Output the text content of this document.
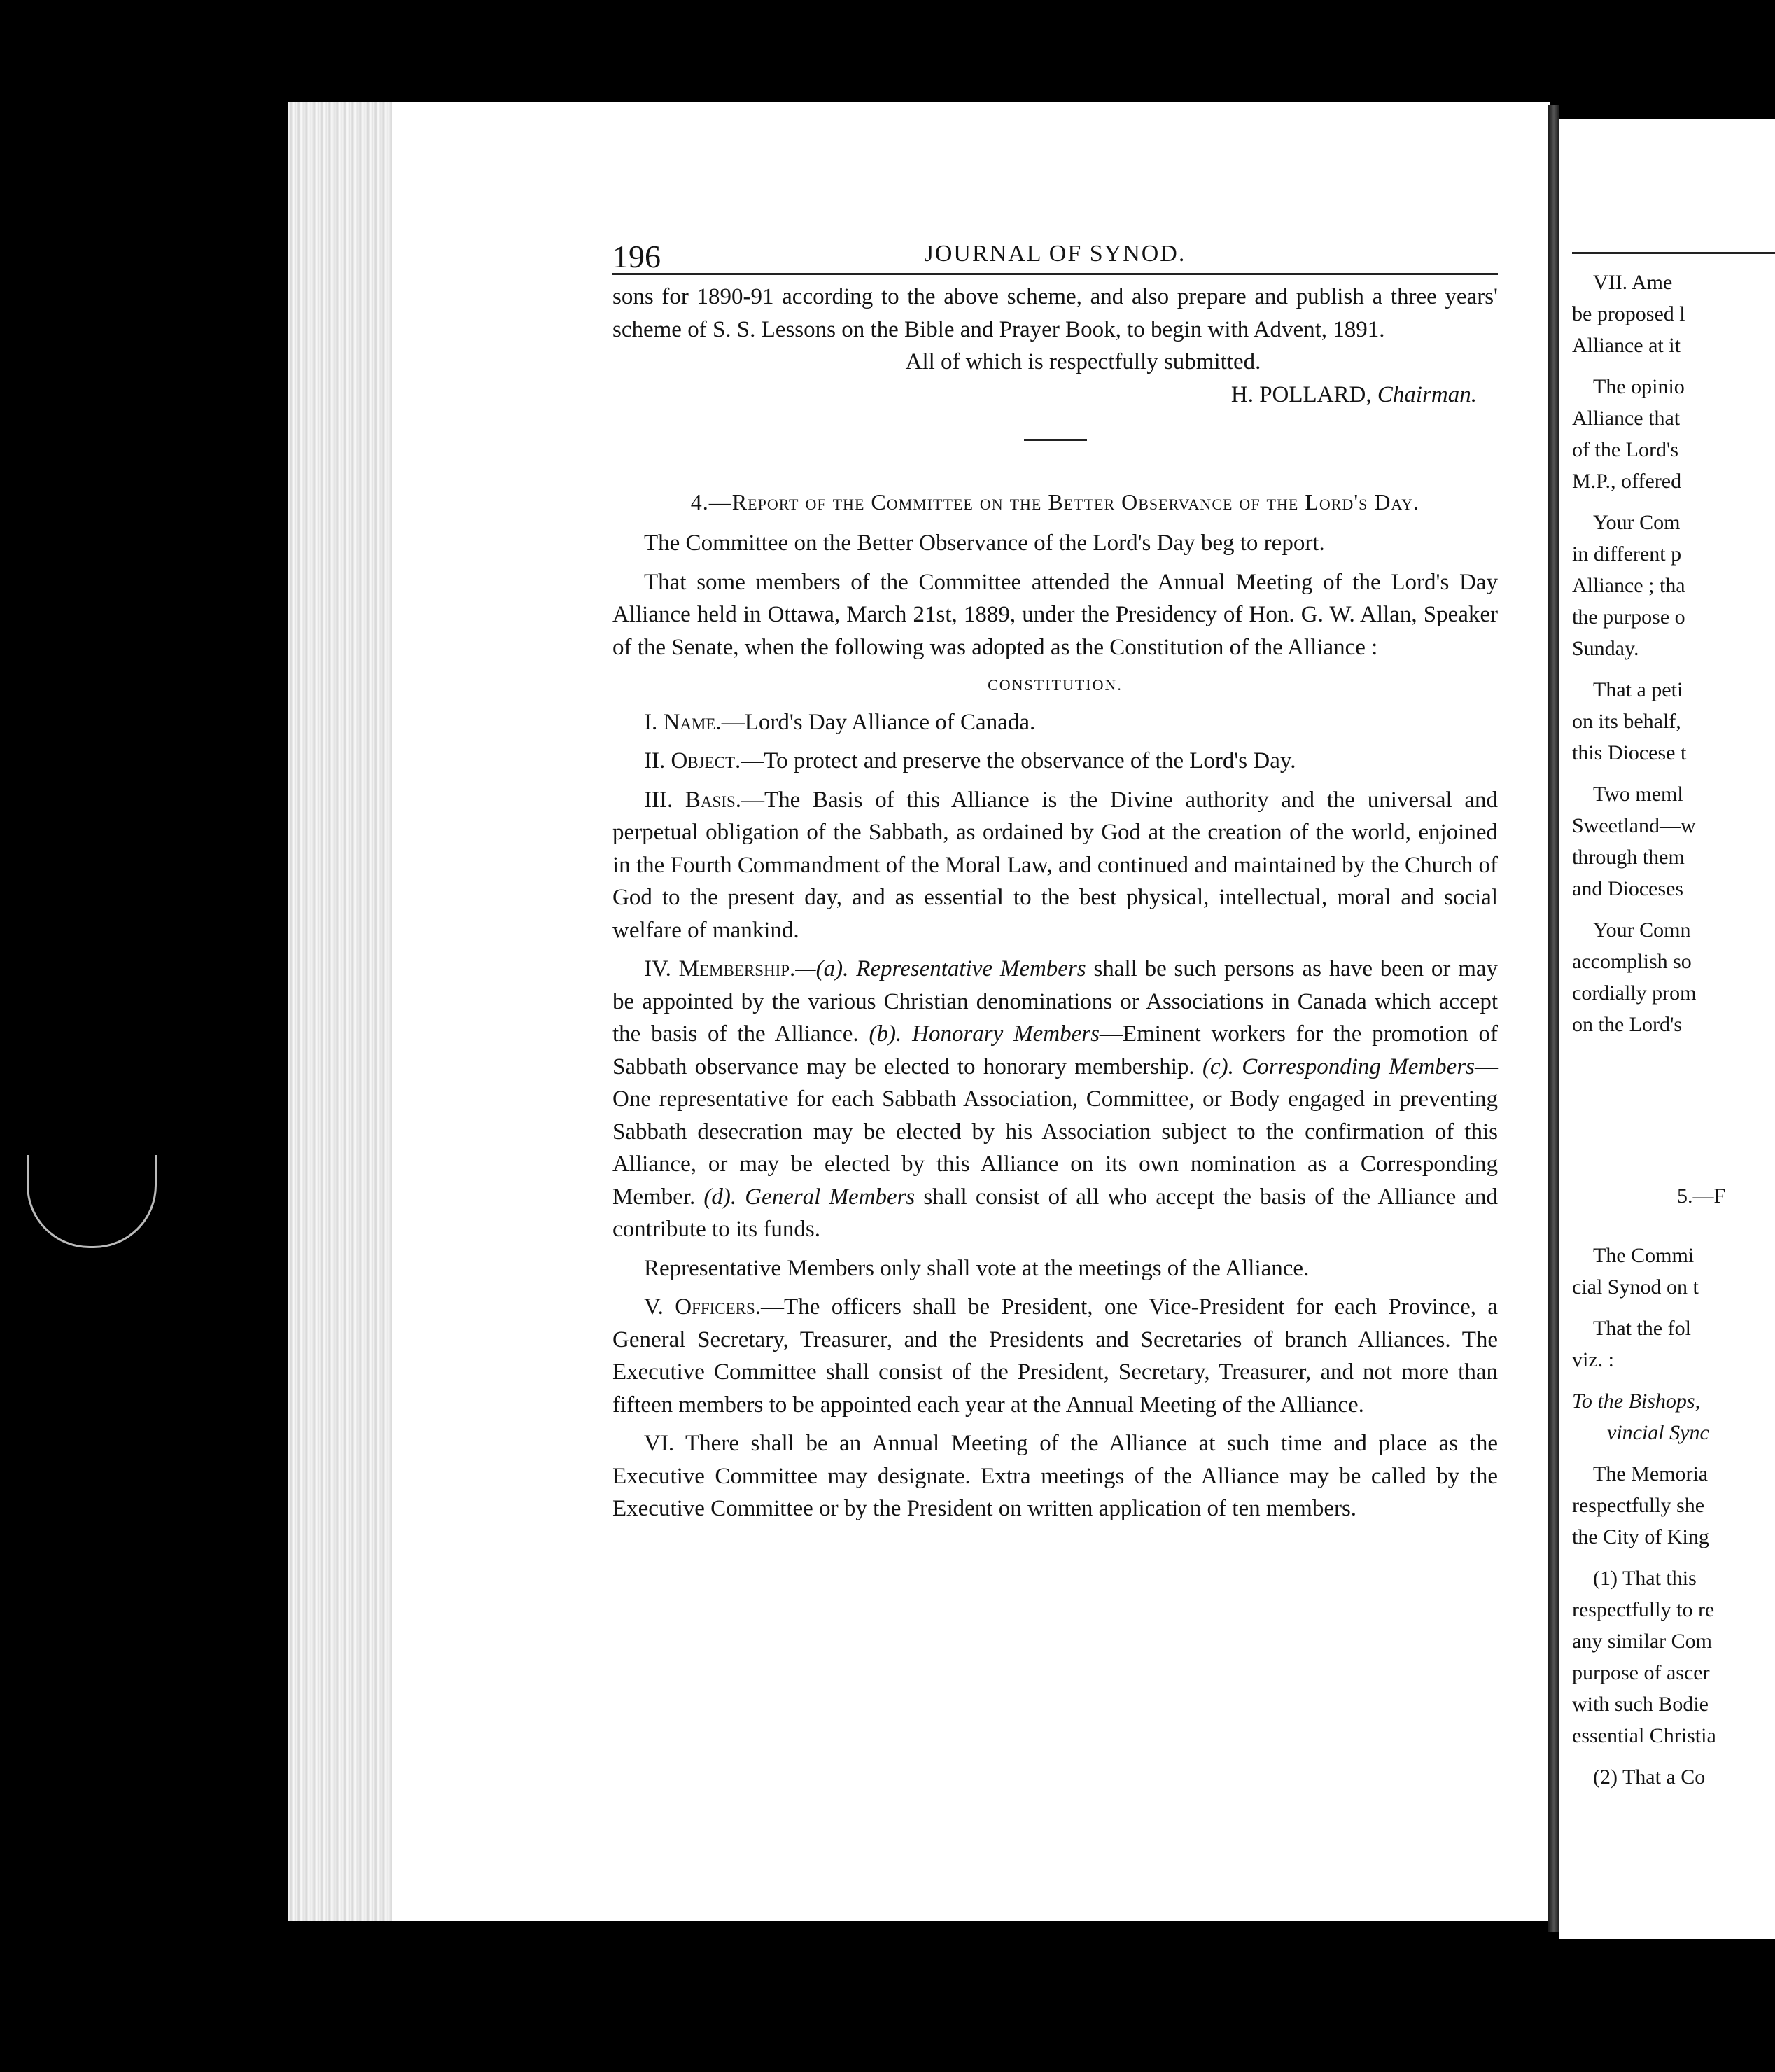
196	JOURNAL OF SYNOD.

sons for 1890-91 according to the above scheme, and also prepare and publish a three years' scheme of S. S. Lessons on the Bible and Prayer Book, to begin with Advent, 1891.

All of which is respectfully submitted.

H. POLLARD, Chairman.

4.—Report of the Committee on the Better Observance of the Lord's Day.

The Committee on the Better Observance of the Lord's Day beg to report.

That some members of the Committee attended the Annual Meeting of the Lord's Day Alliance held in Ottawa, March 21st, 1889, under the Presidency of Hon. G. W. Allan, Speaker of the Senate, when the following was adopted as the Constitution of the Alliance :

CONSTITUTION.

I. Name.—Lord's Day Alliance of Canada.

II. Object.—To protect and preserve the observance of the Lord's Day.

III. Basis.—The Basis of this Alliance is the Divine authority and the universal and perpetual obligation of the Sabbath, as ordained by God at the creation of the world, enjoined in the Fourth Commandment of the Moral Law, and continued and maintained by the Church of God to the present day, and as essential to the best physical, intellectual, moral and social welfare of mankind.

IV. Membership.—(a). Representative Members shall be such persons as have been or may be appointed by the various Christian denominations or Associations in Canada which accept the basis of the Alliance. (b). Honorary Members—Eminent workers for the promotion of Sabbath observance may be elected to honorary membership. (c). Corresponding Members—One representative for each Sabbath Association, Committee, or Body engaged in preventing Sabbath desecration may be elected by his Association subject to the confirmation of this Alliance, or may be elected by this Alliance on its own nomination as a Corresponding Member. (d). General Members shall consist of all who accept the basis of the Alliance and contribute to its funds.

Representative Members only shall vote at the meetings of the Alliance.

V. Officers.—The officers shall be President, one Vice-President for each Province, a General Secretary, Treasurer, and the Presidents and Secretaries of branch Alliances. The Executive Committee shall consist of the President, Secretary, Treasurer, and not more than fifteen members to be appointed each year at the Annual Meeting of the Alliance.

VI. There shall be an Annual Meeting of the Alliance at such time and place as the Executive Committee may designate. Extra meetings of the Alliance may be called by the Executive Committee or by the President on written application of ten members.

VII. Ame

be proposed l

Alliance at it

The opinio

Alliance that

of the Lord's

M.P., offered

Your Com

in different p

Alliance ; tha

the purpose o

Sunday.

That a peti

on its behalf,

this Diocese t

Two meml

Sweetland—w

through them

and Dioceses

Your Comn

accomplish so

cordially prom

on the Lord's

5.—F

The Commi

cial Synod on t

That the fol

viz. :

To the Bishops,

vincial Sync

The Memoria

respectfully she

the City of King

(1) That this

respectfully to re

any similar Com

purpose of ascer

with such Bodie

essential Christia

(2) That a Co
